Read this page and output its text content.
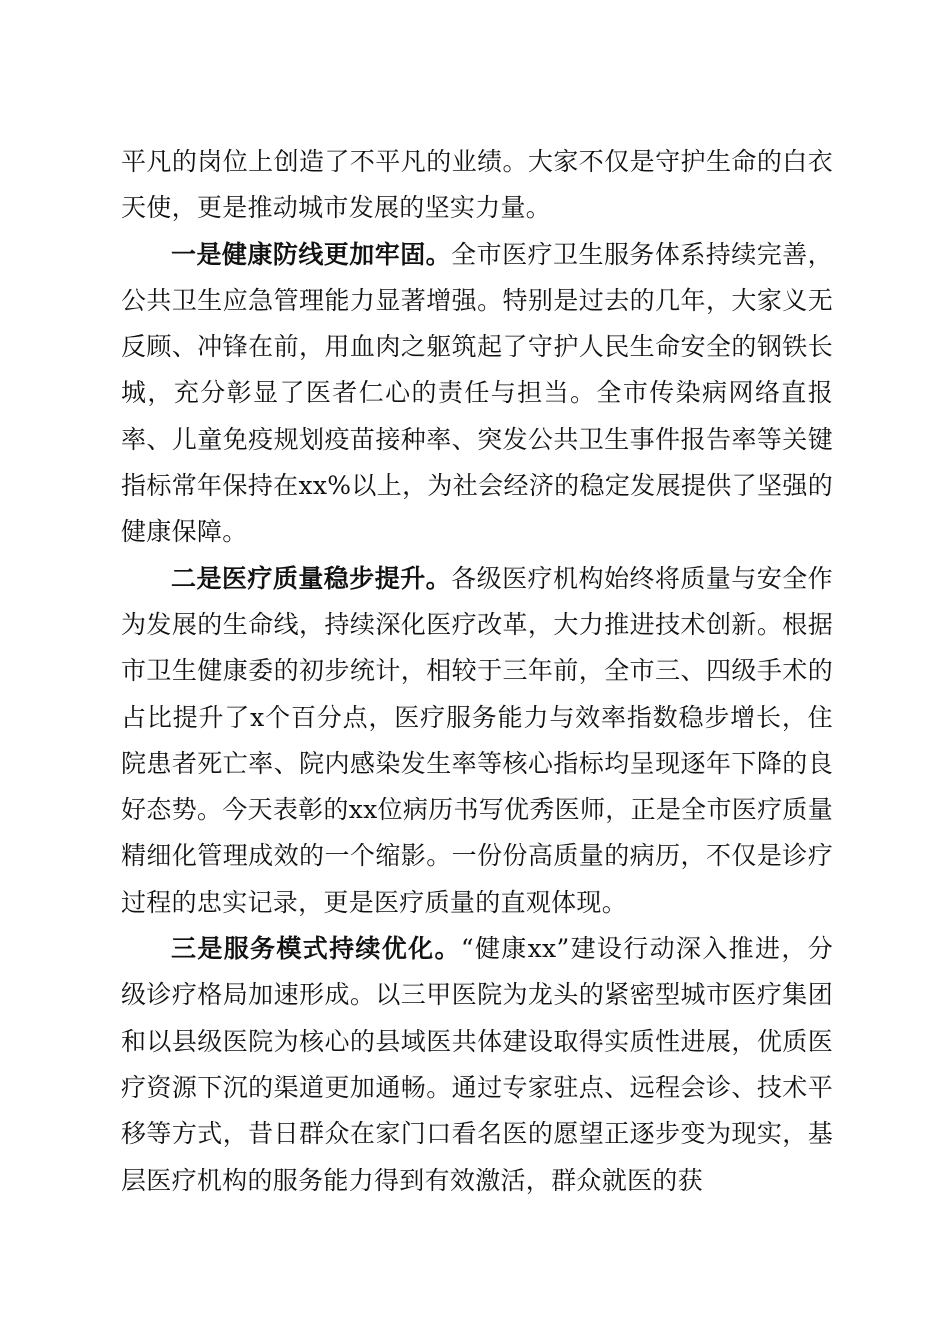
平凡的岗位上创造了不平凡的业绩。大家不仅是守护生命的白衣天使，更是推动城市发展的坚实力量。

一是健康防线更加牢固。全市医疗卫生服务体系持续完善，公共卫生应急管理能力显著增强。特别是过去的几年，大家义无反顾、冲锋在前，用血肉之躯筑起了守护人民生命安全的钢铁长城，充分彰显了医者仁心的责任与担当。全市传染病网络直报率、儿童免疫规划疫苗接种率、突发公共卫生事件报告率等关键指标常年保持在xx%以上，为社会经济的稳定发展提供了坚强的健康保障。

二是医疗质量稳步提升。各级医疗机构始终将质量与安全作为发展的生命线，持续深化医疗改革，大力推进技术创新。根据市卫生健康委的初步统计，相较于三年前，全市三、四级手术的占比提升了x个百分点，医疗服务能力与效率指数稳步增长，住院患者死亡率、院内感染发生率等核心指标均呈现逐年下降的良好态势。今天表彰的xx位病历书写优秀医师，正是全市医疗质量精细化管理成效的一个缩影。一份份高质量的病历，不仅是诊疗过程的忠实记录，更是医疗质量的直观体现。

三是服务模式持续优化。“健康xx”建设行动深入推进，分级诊疗格局加速形成。以三甲医院为龙头的紧密型城市医疗集团和以县级医院为核心的县域医共体建设取得实质性进展，优质医疗资源下沉的渠道更加通畅。通过专家驻点、远程会诊、技术平移等方式，昔日群众在家门口看名医的愿望正逐步变为现实，基层医疗机构的服务能力得到有效激活，群众就医的获
